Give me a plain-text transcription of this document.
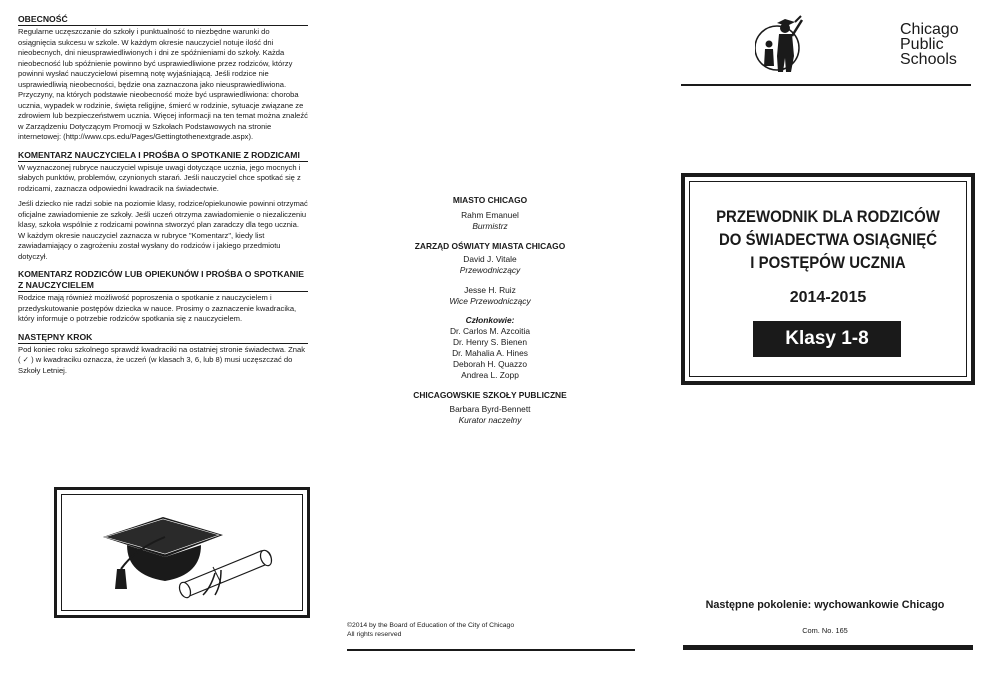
OBECNOŚĆ

Regularne uczęszczanie do szkoły i punktualność to niezbędne warunki do osiągnięcia sukcesu w szkole. W każdym okresie nauczyciel notuje ilość dni nieobecnych, dni nieusprawiedliwionych i dni ze spóźnieniami do szkoły. Każda nieobecność lub spóźnienie powinno być usprawiedliwione przez rodziców, którzy powinni wysłać nauczycielowi pisemną notę wyjaśniającą. Jeśli rodzice nie usprawiedliwią nieobecności, będzie ona zaznaczona jako nieusprawiedliwiona. Przyczyny, na których podstawie nieobecność może być usprawiedliwiona: choroba ucznia, wypadek w rodzinie, święta religijne, śmierć w rodzinie, sytuacje związane ze zdrowiem lub bezpieczeństwem ucznia. Więcej informacji na ten temat można znaleźć w Zarządzeniu Dotyczącym Promocji w Szkołach Podstawowych na stronie internetowej: (http://www.cps.edu/Pages/Gettingtothenextgrade.aspx).

KOMENTARZ NAUCZYCIELA I PROŚBA O SPOTKANIE Z RODZICAMI

W wyznaczonej rubryce nauczyciel wpisuje uwagi dotyczące ucznia, jego mocnych i słabych punktów, problemów, czynionych starań. Jeśli nauczyciel chce spotkać się z rodzicami, zaznacza odpowiedni kwadracik na świadectwie.

Jeśli dziecko nie radzi sobie na poziomie klasy, rodzice/opiekunowie powinni otrzymać oficjalne zawiadomienie ze szkoły. Jeśli uczeń otrzyma zawiadomienie o niezaliczeniu klasy, szkoła wspólnie z rodzicami powinna stworzyć plan zaradczy dla tego ucznia. W każdym okresie nauczyciel zaznacza w rubryce "Komentarz", kiedy list zawiadamiający o zagrożeniu został wysłany do rodziców i jakiego przedmiotu dotyczył.

KOMENTARZ RODZICÓW LUB OPIEKUNÓW I PROŚBA O SPOTKANIE Z NAUCZYCIELEM

Rodzice mają również możliwość poproszenia o spotkanie z nauczycielem i przedyskutowanie postępów dziecka w nauce. Prosimy o zaznaczenie kwadracika, który informuje o potrzebie rodziców spotkania się z nauczycielem.

NASTĘPNY KROK

Pod koniec roku szkolnego sprawdź kwadraciki na ostatniej stronie świadectwa. Znak ( ✓ ) w kwadraciku oznacza, że uczeń (w klasach 3, 6, lub 8) musi uczęszczać do Szkoły Letniej.

MIASTO CHICAGO
Rahm Emanuel
Burmistrz
ZARZĄD OŚWIATY MIASTA CHICAGO
David J. Vitale
Przewodniczący
Jesse H. Ruiz
Wice Przewodniczący
Członkowie:
Dr. Carlos M. Azcoitia
Dr. Henry S. Bienen
Dr. Mahalia A. Hines
Deborah H. Quazzo
Andrea L. Zopp
CHICAGOWSKIE SZKOŁY PUBLICZNE
Barbara Byrd-Bennett
Kurator naczelny
©2014 by the Board of Education of the City of Chicago
All rights reserved
Chicago
Public
Schools
PRZEWODNIK DLA RODZICÓW
DO ŚWIADECTWA OSIĄGNIĘĆ
I POSTĘPÓW UCZNIA
2014-2015
Klasy 1-8
Następne pokolenie: wychowankowie Chicago
Com. No. 165
